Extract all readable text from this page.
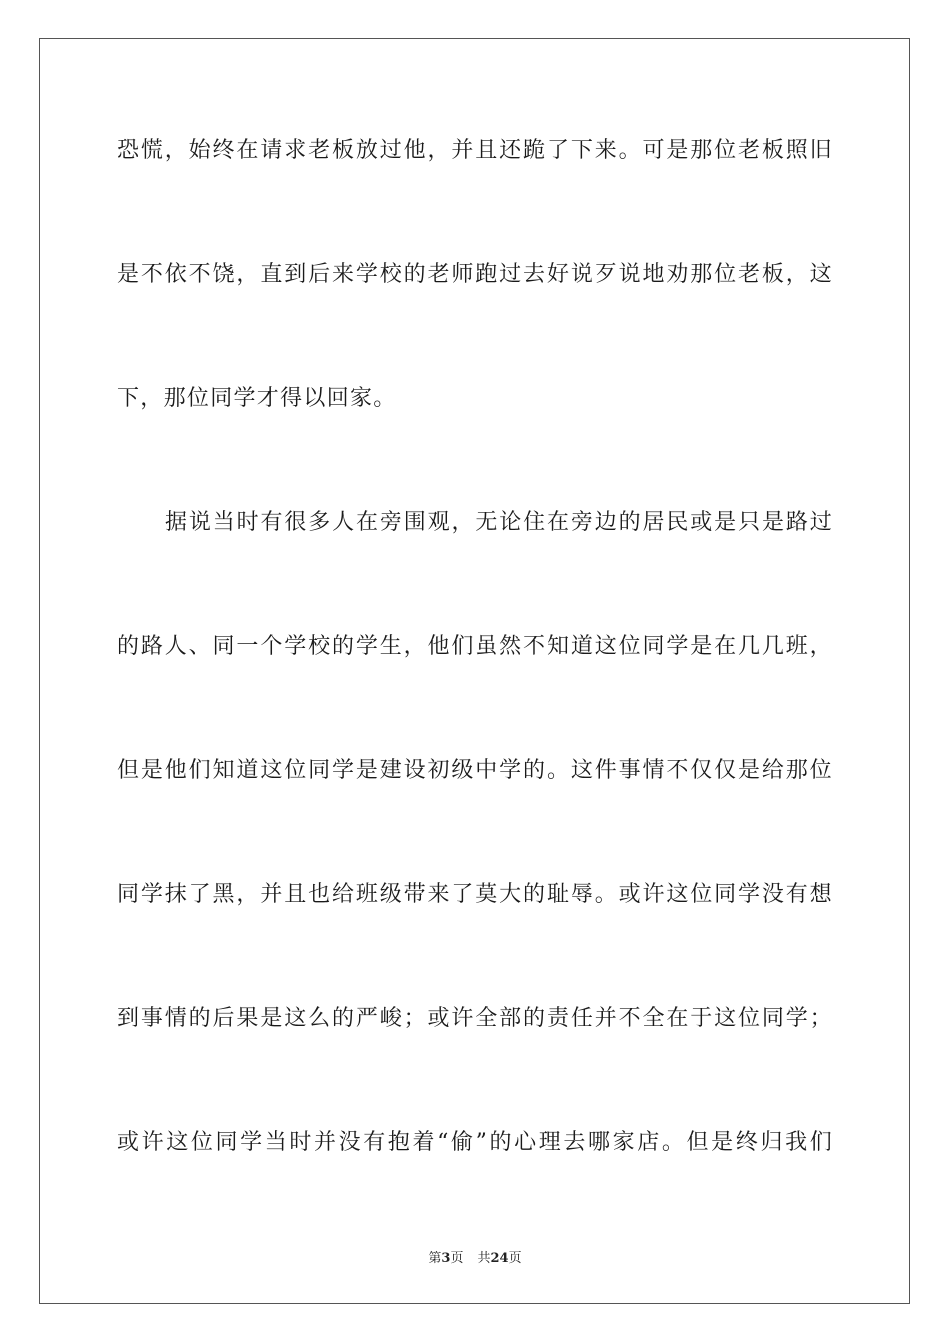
恐慌，始终在请求老板放过他，并且还跪了下来。可是那位老板照旧
是不依不饶，直到后来学校的老师跑过去好说歹说地劝那位老板，这
下，那位同学才得以回家。
据说当时有很多人在旁围观，无论住在旁边的居民或是只是路过
的路人、同一个学校的学生，他们虽然不知道这位同学是在几几班，
但是他们知道这位同学是建设初级中学的。这件事情不仅仅是给那位
同学抹了黑，并且也给班级带来了莫大的耻辱。或许这位同学没有想
到事情的后果是这么的严峻；或许全部的责任并不全在于这位同学；
或许这位同学当时并没有抱着“偷”的心理去哪家店。但是终归我们
第3页 共24页
